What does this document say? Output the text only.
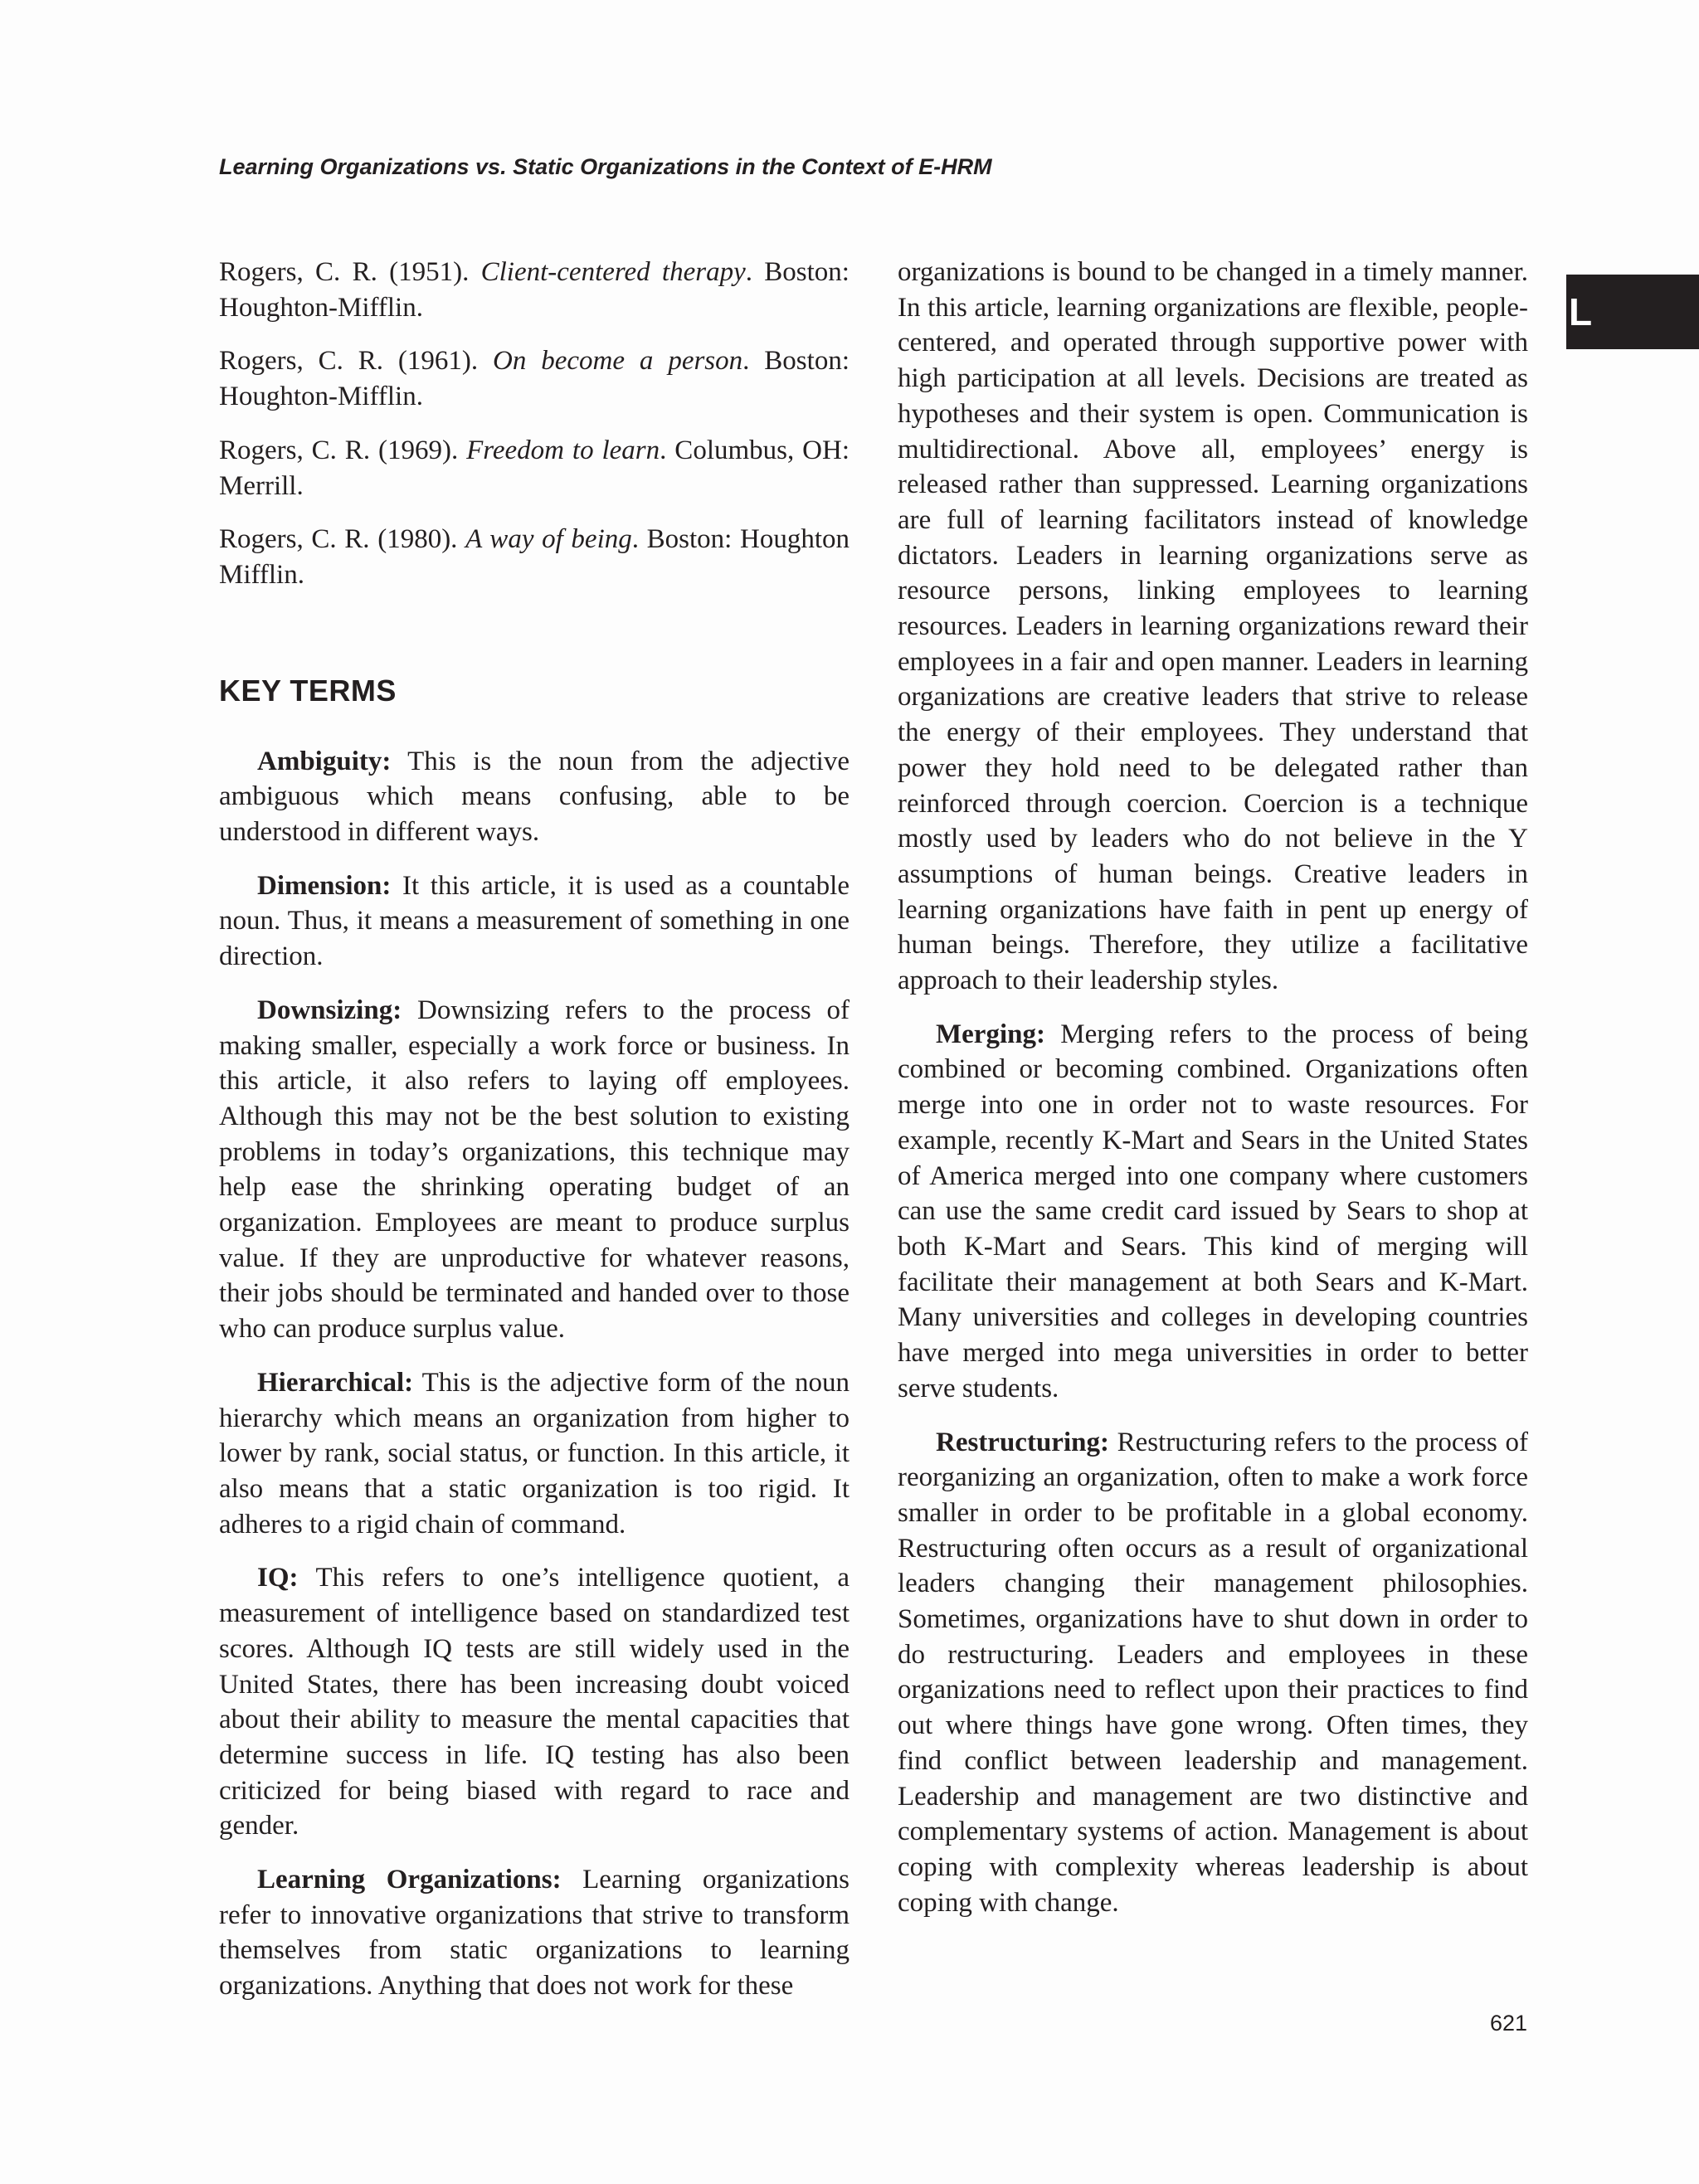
Learning Organizations vs. Static Organizations in the Context of E-HRM
L

Rogers, C. R. (1951). Client-centered therapy. Boston: Houghton-Mifflin.

Rogers, C. R. (1961). On become a person. Boston: Houghton-Mifflin.

Rogers, C. R. (1969). Freedom to learn. Columbus, OH: Merrill.

Rogers, C. R. (1980). A way of being. Boston: Houghton Mifflin.

KEY TERMS

Ambiguity: This is the noun from the adjective ambiguous which means confusing, able to be understood in different ways.

Dimension: It this article, it is used as a countable noun. Thus, it means a measurement of something in one direction.

Downsizing: Downsizing refers to the process of making smaller, especially a work force or business. In this article, it also refers to laying off employees. Although this may not be the best solution to existing problems in today’s organizations, this technique may help ease the shrinking operating budget of an organization. Employees are meant to produce surplus value. If they are unproductive for whatever reasons, their jobs should be terminated and handed over to those who can produce surplus value.

Hierarchical: This is the adjective form of the noun hierarchy which means an organization from higher to lower by rank, social status, or function. In this article, it also means that a static organization is too rigid. It adheres to a rigid chain of command.

IQ: This refers to one’s intelligence quotient, a measurement of intelligence based on standardized test scores. Although IQ tests are still widely used in the United States, there has been increasing doubt voiced about their ability to measure the mental capacities that determine success in life. IQ testing has also been criticized for being biased with regard to race and gender.

Learning Organizations: Learning organizations refer to innovative organizations that strive to transform themselves from static organizations to learning organizations. Anything that does not work for these

organizations is bound to be changed in a timely manner. In this article, learning organizations are flexible, people-centered, and operated through supportive power with high participation at all levels. Decisions are treated as hypotheses and their system is open. Communication is multidirectional. Above all, employees’ energy is released rather than suppressed. Learning organizations are full of learning facilitators instead of knowledge dictators. Leaders in learning organizations serve as resource persons, linking employees to learning resources. Leaders in learning organizations reward their employees in a fair and open manner. Leaders in learning organizations are creative leaders that strive to release the energy of their employees. They understand that power they hold need to be delegated rather than reinforced through coercion. Coercion is a technique mostly used by leaders who do not believe in the Y assumptions of human beings. Creative leaders in learning organizations have faith in pent up energy of human beings. Therefore, they utilize a facilitative approach to their leadership styles.

Merging: Merging refers to the process of being combined or becoming combined. Organizations often merge into one in order not to waste resources. For example, recently K-Mart and Sears in the United States of America merged into one company where customers can use the same credit card issued by Sears to shop at both K-Mart and Sears. This kind of merging will facilitate their management at both Sears and K-Mart. Many universities and colleges in developing countries have merged into mega universities in order to better serve students.

Restructuring: Restructuring refers to the process of reorganizing an organization, often to make a work force smaller in order to be profitable in a global economy. Restructuring often occurs as a result of organizational leaders changing their management philosophies. Sometimes, organizations have to shut down in order to do restructuring. Leaders and employees in these organizations need to reflect upon their practices to find out where things have gone wrong. Often times, they find conflict between leadership and management. Leadership and management are two distinctive and complementary systems of action. Management is about coping with complexity whereas leadership is about coping with change.

621
